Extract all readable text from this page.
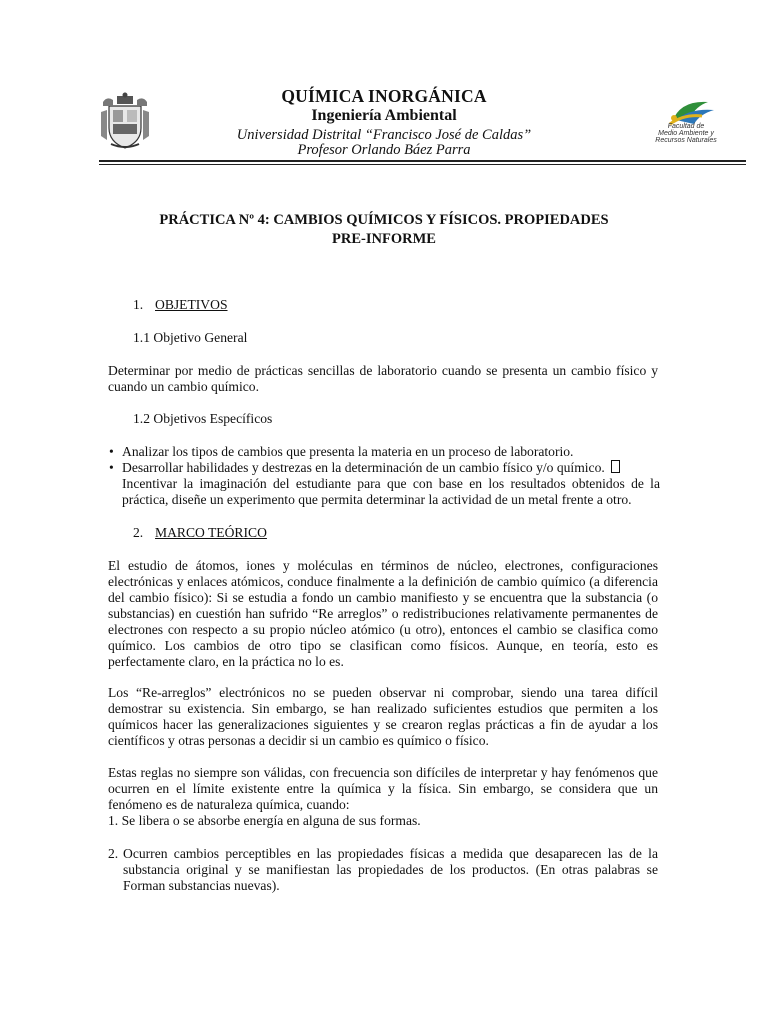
QUÍMICA INORGÁNICA
Ingeniería Ambiental
Universidad Distrital “Francisco José de Caldas”
Profesor Orlando Báez Parra
Facultad de
Medio Ambiente y
Recursos Naturales
PRÁCTICA Nº 4: CAMBIOS QUÍMICOS Y FÍSICOS. PROPIEDADES
PRE-INFORME
1. OBJETIVOS
1.1 Objetivo General
Determinar por medio de prácticas sencillas de laboratorio cuando se presenta un cambio físico y cuando un cambio químico.
1.2 Objetivos Específicos
• Analizar los tipos de cambios que presenta la materia en un proceso de laboratorio.
• Desarrollar habilidades y destrezas en la determinación de un cambio físico y/o químico.
Incentivar la imaginación del estudiante para que con base en los resultados obtenidos de la práctica, diseñe un experimento que permita determinar la actividad de un metal frente a otro.
2. MARCO TEÓRICO
El estudio de átomos, iones y moléculas en términos de núcleo, electrones, configuraciones electrónicas y enlaces atómicos, conduce finalmente a la definición de cambio químico (a diferencia del cambio físico): Si se estudia a fondo un cambio manifiesto y se encuentra que la substancia (o substancias) en cuestión han sufrido “Re arreglos” o redistribuciones relativamente permanentes de electrones con respecto a su propio núcleo atómico (u otro), entonces el cambio se clasifica como químico. Los cambios de otro tipo se clasifican como físicos. Aunque, en teoría, esto es perfectamente claro, en la práctica no lo es.
Los “Re-arreglos” electrónicos no se pueden observar ni comprobar, siendo una tarea difícil demostrar su existencia. Sin embargo, se han realizado suficientes estudios que permiten a los químicos hacer las generalizaciones siguientes y se crearon reglas prácticas a fin de ayudar a los científicos y otras personas a decidir si un cambio es químico o físico.
Estas reglas no siempre son válidas, con frecuencia son difíciles de interpretar y hay fenómenos que ocurren en el límite existente entre la química y la física. Sin embargo, se considera que un fenómeno es de naturaleza química, cuando:
1. Se libera o se absorbe energía en alguna de sus formas.
2. Ocurren cambios perceptibles en las propiedades físicas a medida que desaparecen las de la substancia original y se manifiestan las propiedades de los productos. (En otras palabras se Forman substancias nuevas).
